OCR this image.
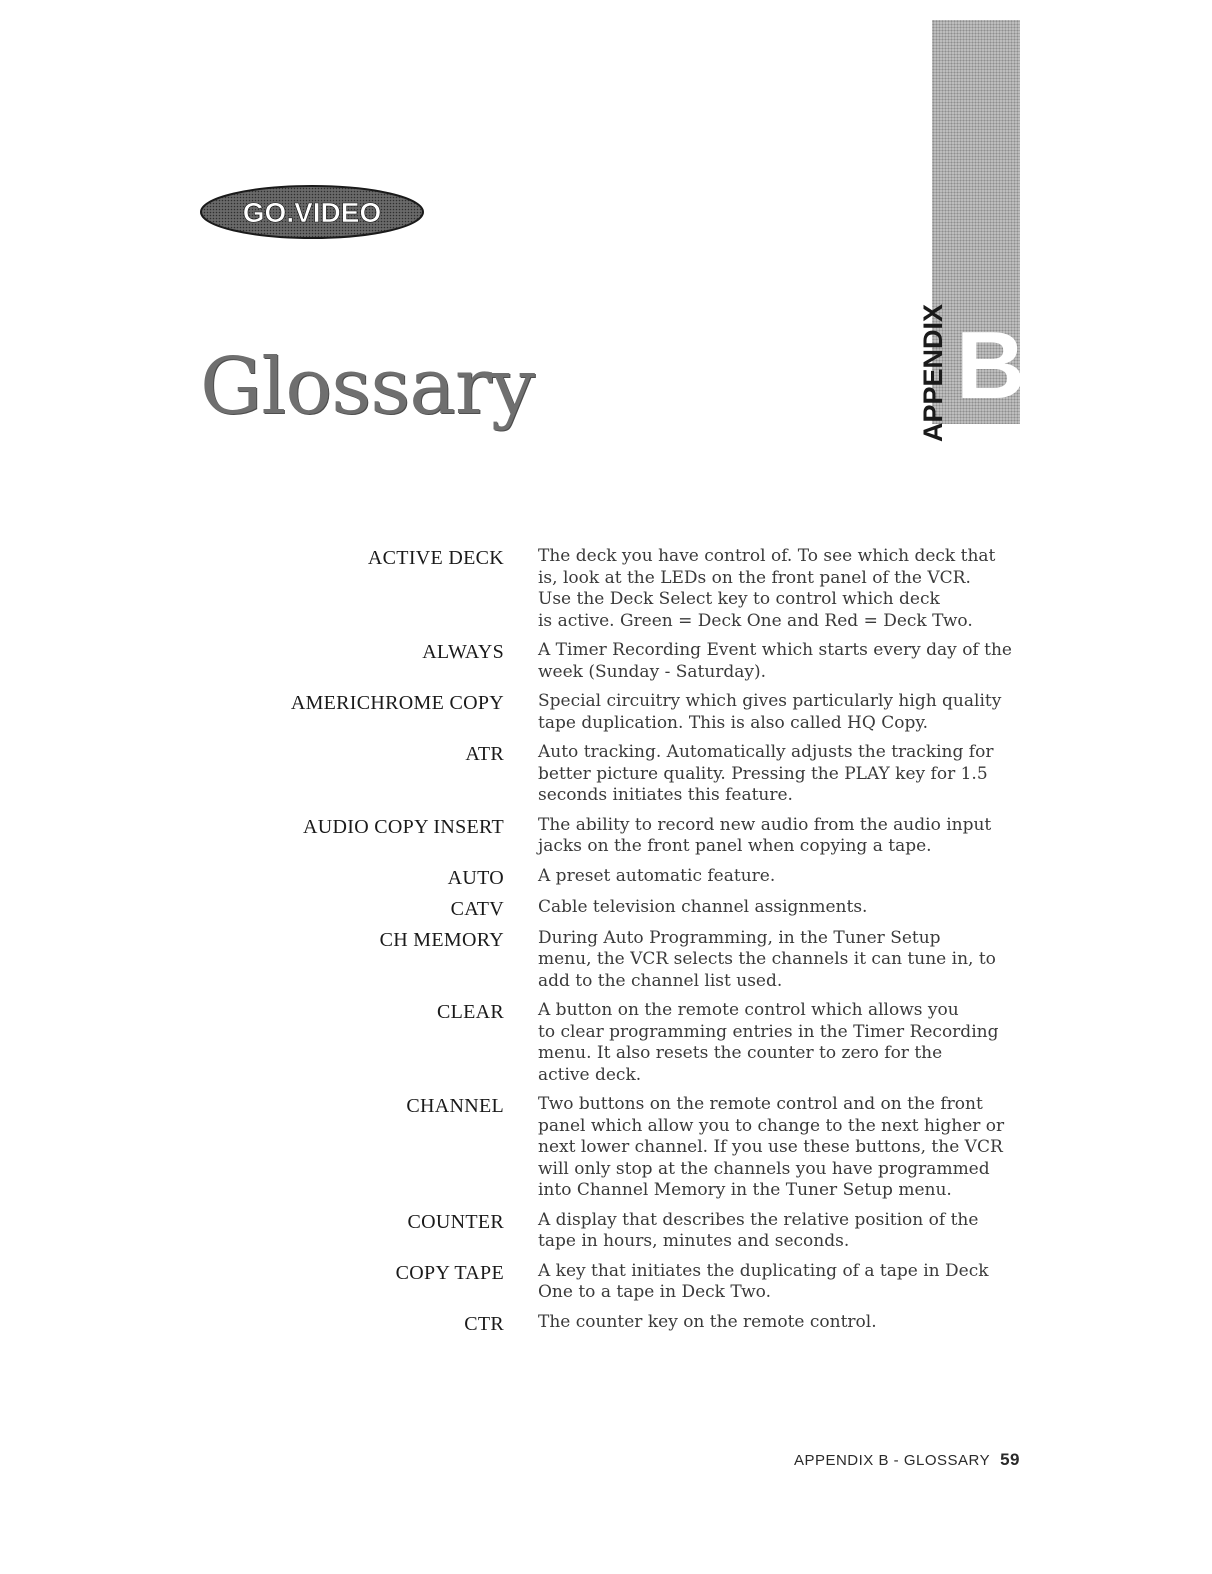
GO.VIDEO
Glossary	APPENDIX B
ACTIVE DECK The deck you have control of. To see which deck that
is, look at the LEDs on the front panel of the VCR.
Use the Deck Select key to control which deck
is active. Green = Deck One and Red = Deck Two.
ALWAYS A Timer Recording Event which starts every day of the
week (Sunday - Saturday).
AMERICHROME COPY Special circuitry which gives particularly high quality
tape duplication. This is also called HQ Copy.
ATR Auto tracking. Automatically adjusts the tracking for
better picture quality. Pressing the PLAY key for 1.5
seconds initiates this feature.
AUDIO COPY INSERT The ability to record new audio from the audio input
jacks on the front panel when copying a tape.
AUTO A preset automatic feature.
CATV Cable television channel assignments.
CH MEMORY During Auto Programming, in the Tuner Setup
menu, the VCR selects the channels it can tune in, to
add to the channel list used.
CLEAR A button on the remote control which allows you
to clear programming entries in the Timer Recording
menu. It also resets the counter to zero for the
active deck.
CHANNEL Two buttons on the remote control and on the front
panel which allow you to change to the next higher or
next lower channel. If you use these buttons, the VCR
will only stop at the channels you have programmed
into Channel Memory in the Tuner Setup menu.
COUNTER A display that describes the relative position of the
tape in hours, minutes and seconds.
COPY TAPE A key that initiates the duplicating of a tape in Deck
One to a tape in Deck Two.
CTR The counter key on the remote control.
APPENDIX B - GLOSSARY 59
